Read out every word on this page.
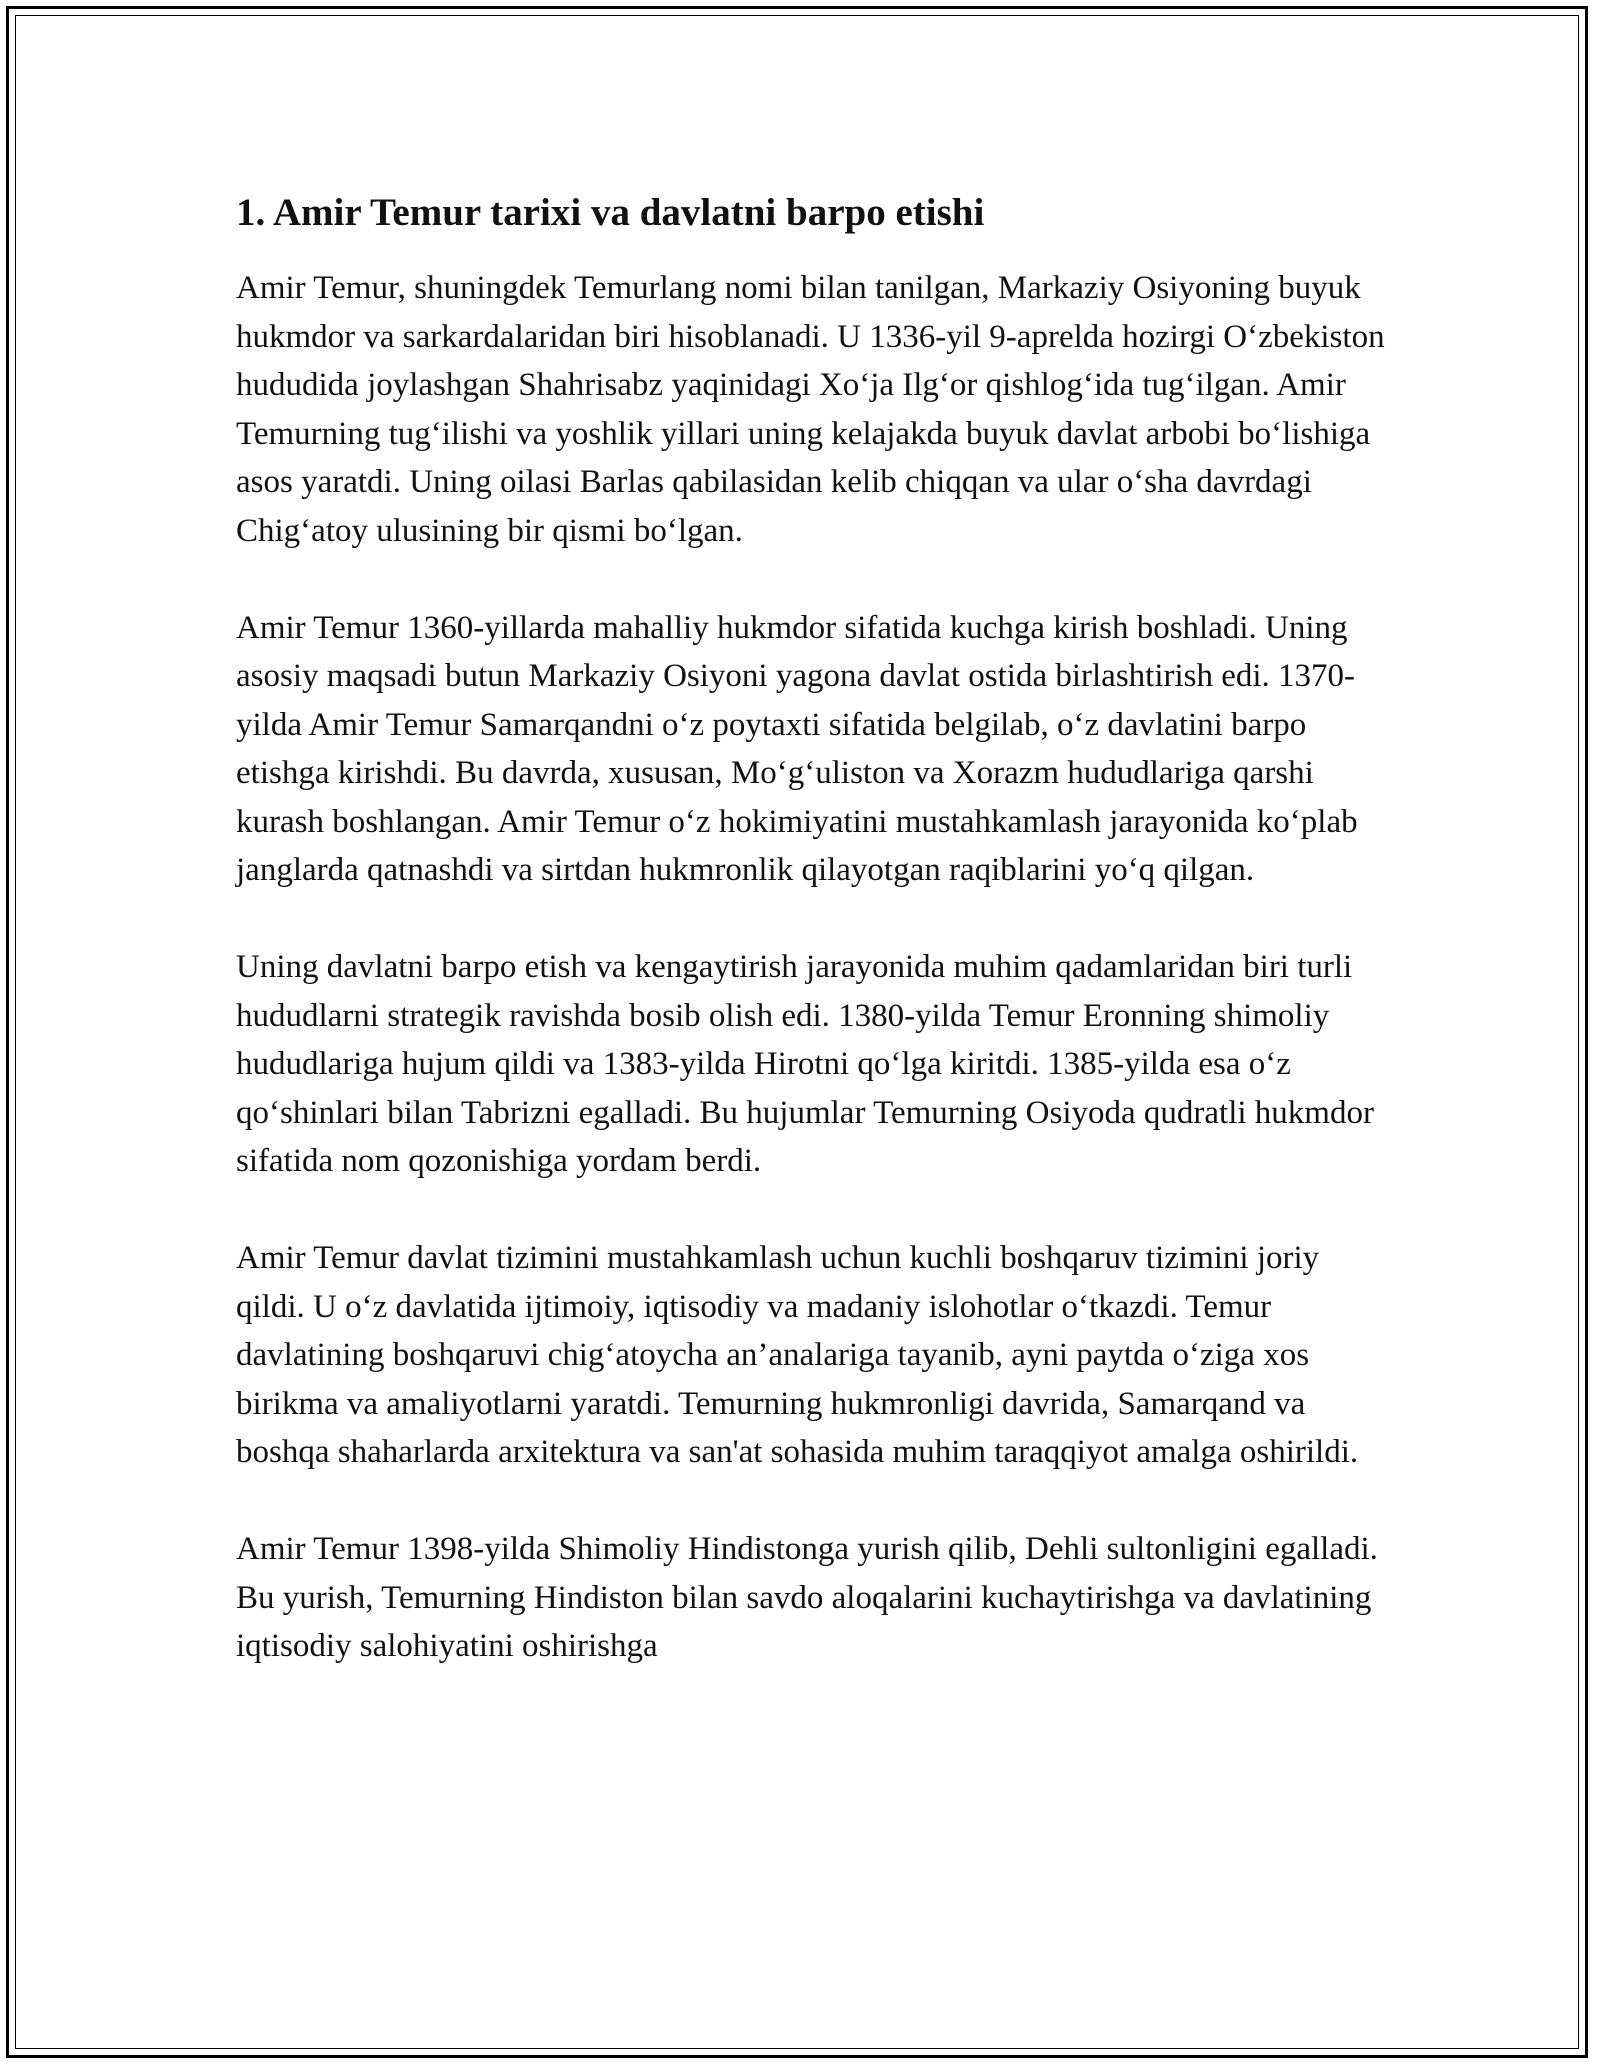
1. Amir Temur tarixi va davlatni barpo etishi

Amir Temur, shuningdek Temurlang nomi bilan tanilgan, Markaziy Osiyoning buyuk hukmdor va sarkardalaridan biri hisoblanadi. U 1336-yil 9-aprelda hozirgi O‘zbekiston hududida joylashgan Shahrisabz yaqinidagi Xo‘ja Ilg‘or qishlog‘ida tug‘ilgan. Amir Temurning tug‘ilishi va yoshlik yillari uning kelajakda buyuk davlat arbobi bo‘lishiga asos yaratdi. Uning oilasi Barlas qabilasidan kelib chiqqan va ular o‘sha davrdagi Chig‘atoy ulusining bir qismi bo‘lgan.

Amir Temur 1360-yillarda mahalliy hukmdor sifatida kuchga kirish boshladi. Uning asosiy maqsadi butun Markaziy Osiyoni yagona davlat ostida birlashtirish edi. 1370-yilda Amir Temur Samarqandni o‘z poytaxti sifatida belgilab, o‘z davlatini barpo etishga kirishdi. Bu davrda, xususan, Mo‘g‘uliston va Xorazm hududlariga qarshi kurash boshlangan. Amir Temur o‘z hokimiyatini mustahkamlash jarayonida ko‘plab janglarda qatnashdi va sirtdan hukmronlik qilayotgan raqiblarini yo‘q qilgan.

Uning davlatni barpo etish va kengaytirish jarayonida muhim qadamlaridan biri turli hududlarni strategik ravishda bosib olish edi. 1380-yilda Temur Eronning shimoliy hududlariga hujum qildi va 1383-yilda Hirotni qo‘lga kiritdi. 1385-yilda esa o‘z qo‘shinlari bilan Tabrizni egalladi. Bu hujumlar Temurning Osiyoda qudratli hukmdor sifatida nom qozonishiga yordam berdi.

Amir Temur davlat tizimini mustahkamlash uchun kuchli boshqaruv tizimini joriy qildi. U o‘z davlatida ijtimoiy, iqtisodiy va madaniy islohotlar o‘tkazdi. Temur davlatining boshqaruvi chig‘atoycha an’analariga tayanib, ayni paytda o‘ziga xos birikma va amaliyotlarni yaratdi. Temurning hukmronligi davrida, Samarqand va boshqa shaharlarda arxitektura va san'at sohasida muhim taraqqiyot amalga oshirildi.

Amir Temur 1398-yilda Shimoliy Hindistonga yurish qilib, Dehli sultonligini egalladi. Bu yurish, Temurning Hindiston bilan savdo aloqalarini kuchaytirishga va davlatining iqtisodiy salohiyatini oshirishga
